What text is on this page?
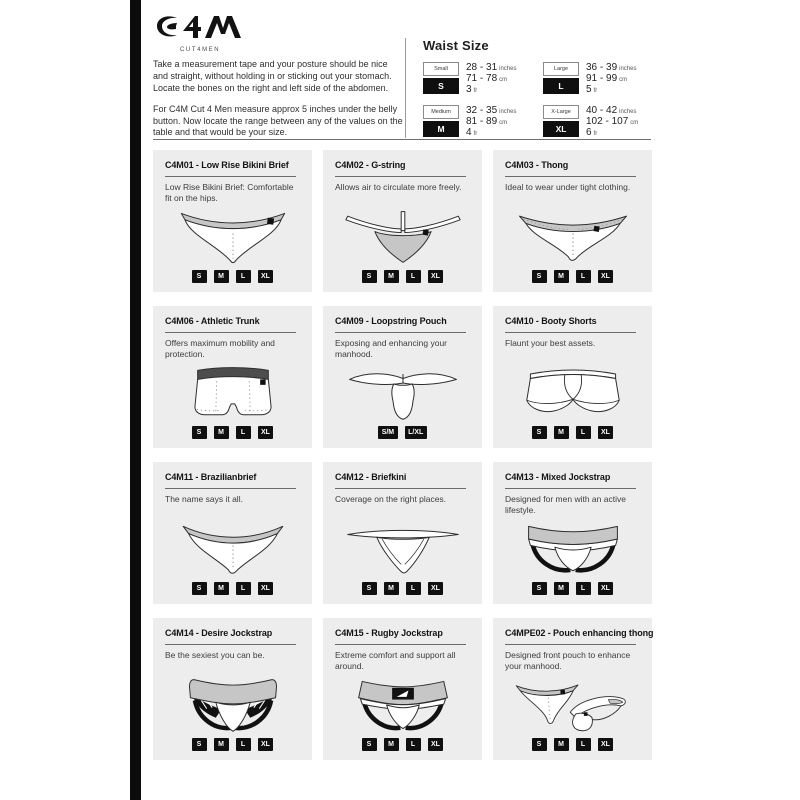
CUT4MEN

Take a measurement tape and your posture should be nice and straight, without holding in or sticking out your stomach. Locate the bones on the right and left side of the abdomen.

For C4M Cut 4 Men measure approx 5 inches under the belly button. Now locate the range between any of the values on the table and that would be your size.

Waist Size
Small
S
28 - 31 inches
71 - 78 cm
3 fr
Medium
M
32 - 35 inches
81 - 89 cm
4 fr
Large
L
36 - 39 inches
91 - 99 cm
5 fr
X-Large
XL
40 - 42 inches
102 - 107 cm
6 fr
C4M01 - Low Rise Bikini Brief
Low Rise Bikini Brief: Comfortable fit on the hips.
S	M	L	XL
C4M02 - G-string
Allows air to circulate more freely.
S	M	L	XL
C4M03 - Thong
Ideal to wear under tight clothing.
S	M	L	XL
C4M06 - Athletic Trunk
Offers maximum mobility and protection.
S	M	L	XL
C4M09 - Loopstring Pouch
Exposing and enhancing your manhood.
S/M	L/XL
C4M10 - Booty Shorts
Flaunt your best assets.
S	M	L	XL
C4M11 - Brazilianbrief
The name says it all.
S	M	L	XL
C4M12 - Briefkini
Coverage on the right places.
S	M	L	XL
C4M13 - Mixed Jockstrap
Designed for men with an active lifestyle.
S	M	L	XL
C4M14 - Desire Jockstrap
Be the sexiest you can be.
S	M	L	XL
C4M15 - Rugby Jockstrap
Extreme comfort and support all around.
S	M	L	XL
C4MPE02 - Pouch enhancing thong
Designed front pouch to enhance your manhood.
S	M	L	XL
